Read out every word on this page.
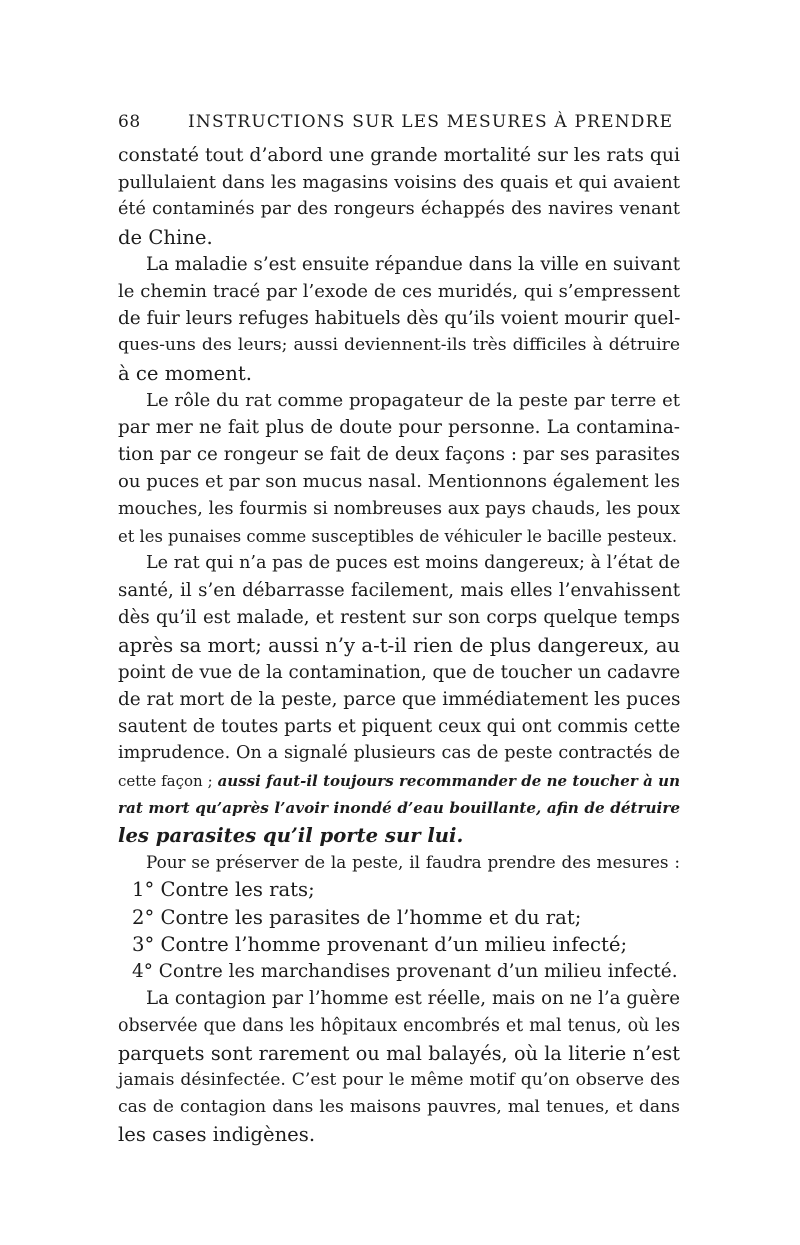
68	INSTRUCTIONS SUR LES MESURES À PRENDRE
constaté tout d’abord une grande mortalité sur les rats qui
pullulaient dans les magasins voisins des quais et qui avaient
été contaminés par des rongeurs échappés des navires venant
de Chine.
La maladie s’est ensuite répandue dans la ville en suivant
le chemin tracé par l’exode de ces muridés, qui s’empressent
de fuir leurs refuges habituels dès qu’ils voient mourir quel-
ques-uns des leurs; aussi deviennent-ils très difficiles à détruire
à ce moment.
Le rôle du rat comme propagateur de la peste par terre et
par mer ne fait plus de doute pour personne. La contamina-
tion par ce rongeur se fait de deux façons : par ses parasites
ou puces et par son mucus nasal. Mentionnons également les
mouches, les fourmis si nombreuses aux pays chauds, les poux
et les punaises comme susceptibles de véhiculer le bacille pesteux.
Le rat qui n’a pas de puces est moins dangereux; à l’état de
santé, il s’en débarrasse facilement, mais elles l’envahissent
dès qu’il est malade, et restent sur son corps quelque temps
après sa mort; aussi n’y a-t-il rien de plus dangereux, au
point de vue de la contamination, que de toucher un cadavre
de rat mort de la peste, parce que immédiatement les puces
sautent de toutes parts et piquent ceux qui ont commis cette
imprudence. On a signalé plusieurs cas de peste contractés de
cette façon ; aussi faut-il toujours recommander de ne toucher à un
rat mort qu’après l’avoir inondé d’eau bouillante, afin de détruire
les parasites qu’il porte sur lui.
Pour se préserver de la peste, il faudra prendre des mesures :
1° Contre les rats;
2° Contre les parasites de l’homme et du rat;
3° Contre l’homme provenant d’un milieu infecté;
4° Contre les marchandises provenant d’un milieu infecté.
La contagion par l’homme est réelle, mais on ne l’a guère
observée que dans les hôpitaux encombrés et mal tenus, où les
parquets sont rarement ou mal balayés, où la literie n’est
jamais désinfectée. C’est pour le même motif qu’on observe des
cas de contagion dans les maisons pauvres, mal tenues, et dans
les cases indigènes.
